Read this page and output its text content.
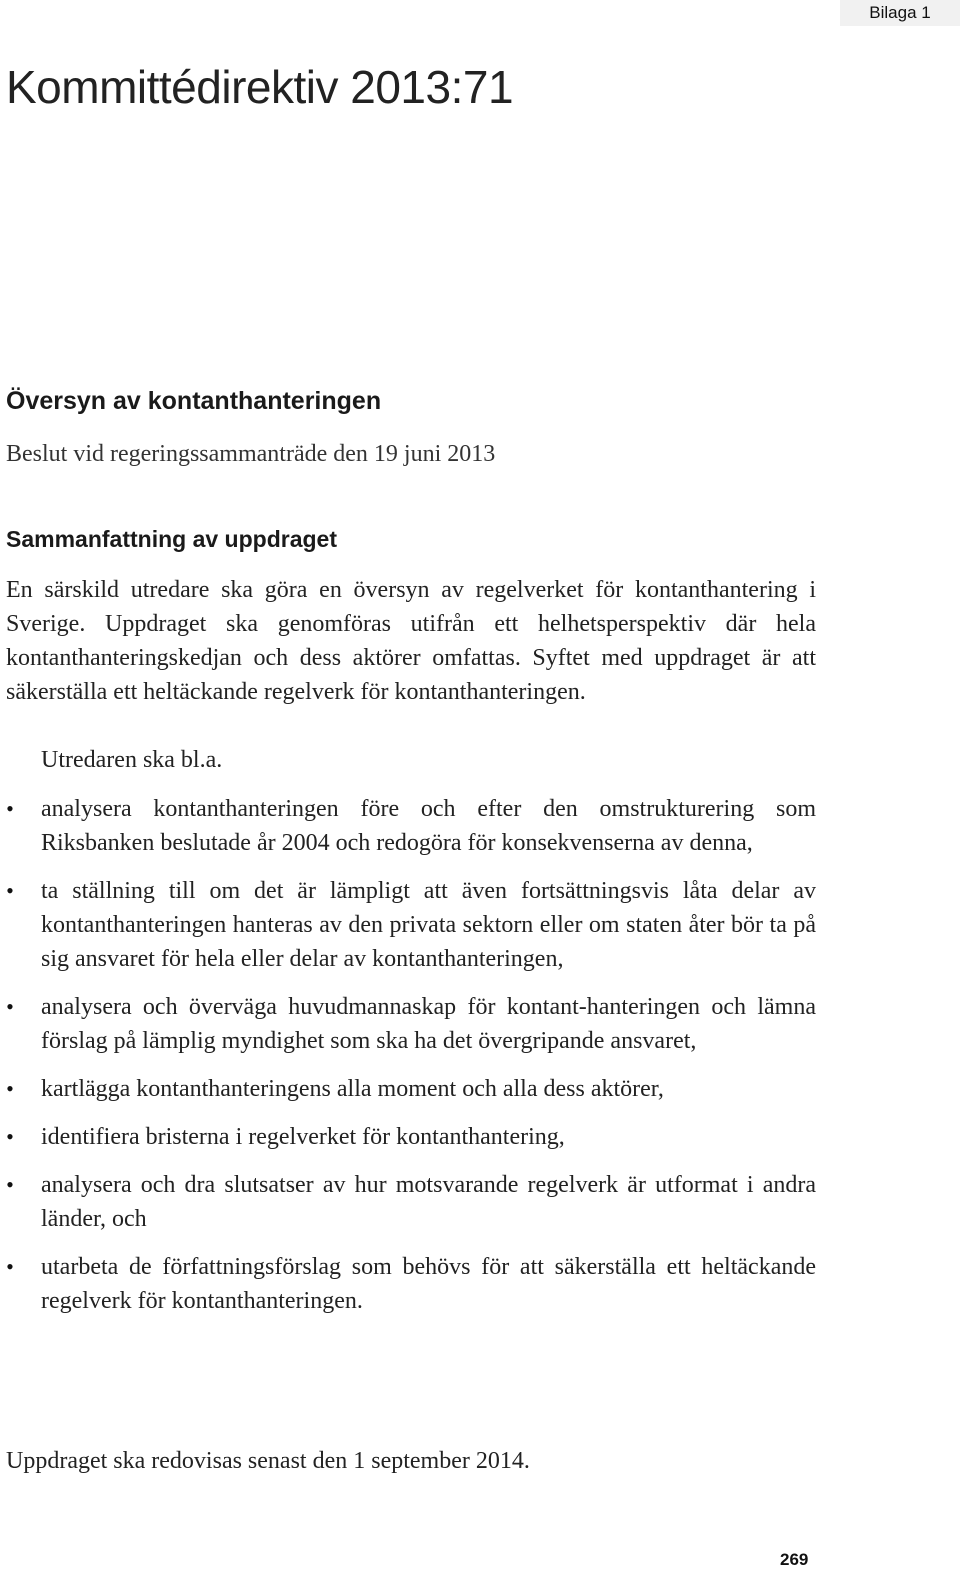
Bilaga 1
Kommittédirektiv 2013:71
Översyn av kontanthanteringen

Beslut vid regeringssammanträde den 19 juni 2013

Sammanfattning av uppdraget

En särskild utredare ska göra en översyn av regelverket för kontanthantering i Sverige. Uppdraget ska genomföras utifrån ett helhetsperspektiv där hela kontanthanteringskedjan och dess aktörer omfattas. Syftet med uppdraget är att säkerställa ett heltäckande regelverk för kontanthanteringen.

Utredaren ska bl.a.

• analysera kontanthanteringen före och efter den omstrukturering som Riksbanken beslutade år 2004 och redogöra för konsekvenserna av denna,
• ta ställning till om det är lämpligt att även fortsättningsvis låta delar av kontanthanteringen hanteras av den privata sektorn eller om staten åter bör ta på sig ansvaret för hela eller delar av kontanthanteringen,
• analysera och överväga huvudmannaskap för kontant-hanteringen och lämna förslag på lämplig myndighet som ska ha det övergripande ansvaret,
• kartlägga kontanthanteringens alla moment och alla dess aktörer,
• identifiera bristerna i regelverket för kontanthantering,
• analysera och dra slutsatser av hur motsvarande regelverk är utformat i andra länder, och
• utarbeta de författningsförslag som behövs för att säkerställa ett heltäckande regelverk för kontanthanteringen.

Uppdraget ska redovisas senast den 1 september 2014.

269
